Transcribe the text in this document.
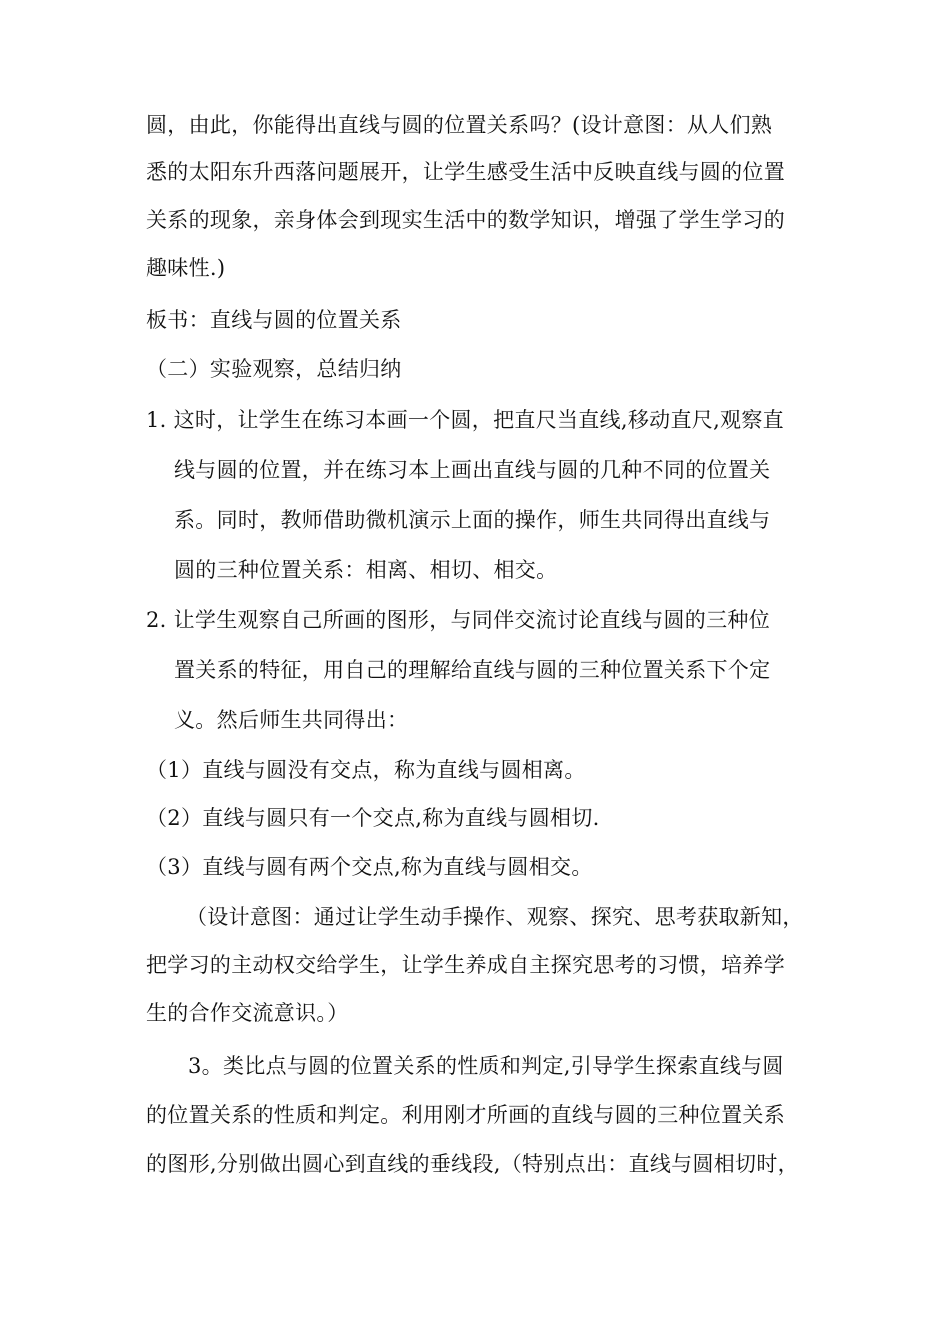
圆，由此，你能得出直线与圆的位置关系吗？(设计意图：从人们熟
悉的太阳东升西落问题展开，让学生感受生活中反映直线与圆的位置
关系的现象，亲身体会到现实生活中的数学知识，增强了学生学习的
趣味性.)
板书：直线与圆的位置关系
（二）实验观察，总结归纳
1. 这时，让学生在练习本画一个圆，把直尺当直线,移动直尺,观察直
线与圆的位置，并在练习本上画出直线与圆的几种不同的位置关
系。同时，教师借助微机演示上面的操作，师生共同得出直线与
圆的三种位置关系：相离、相切、相交。
2. 让学生观察自己所画的图形，与同伴交流讨论直线与圆的三种位
置关系的特征，用自己的理解给直线与圆的三种位置关系下个定
义。然后师生共同得出：
（1）直线与圆没有交点，称为直线与圆相离。
（2）直线与圆只有一个交点,称为直线与圆相切.
（3）直线与圆有两个交点,称为直线与圆相交。
（设计意图：通过让学生动手操作、观察、探究、思考获取新知，
把学习的主动权交给学生，让学生养成自主探究思考的习惯，培养学
生的合作交流意识。）
3。类比点与圆的位置关系的性质和判定,引导学生探索直线与圆
的位置关系的性质和判定。利用刚才所画的直线与圆的三种位置关系
的图形,分别做出圆心到直线的垂线段,（特别点出：直线与圆相切时，
